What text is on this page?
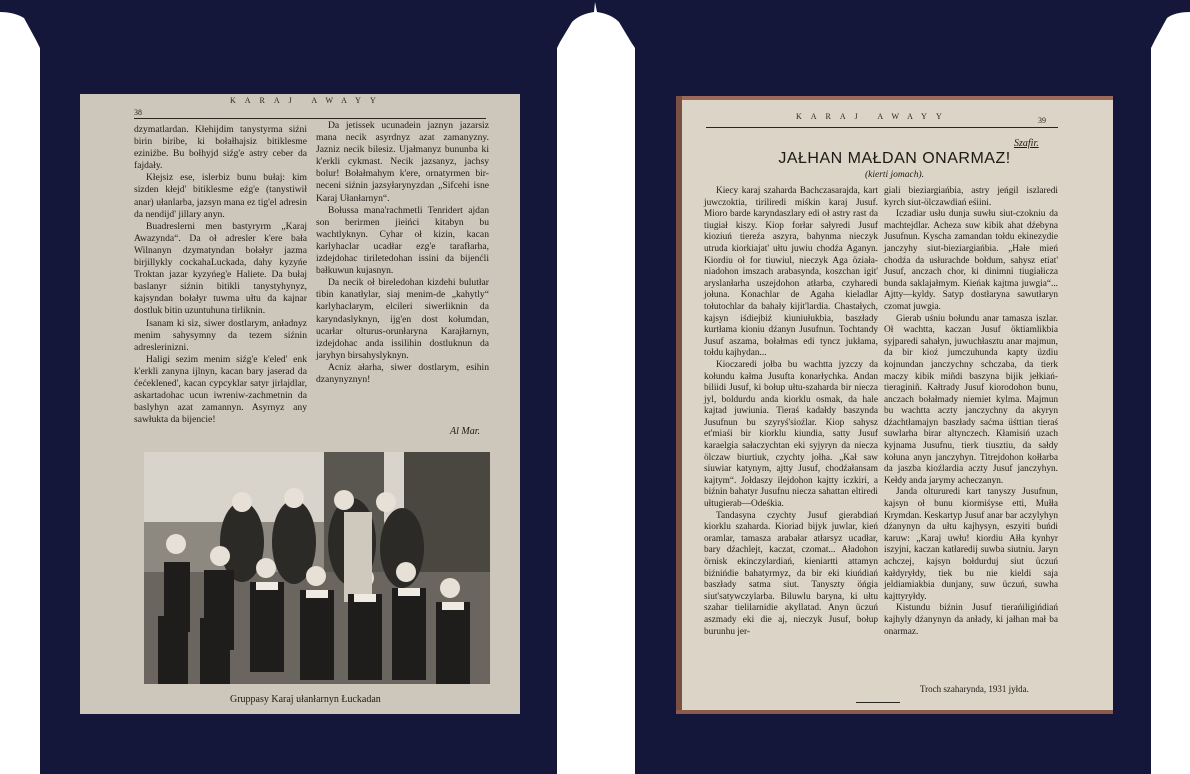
KARAJ AWAYY
38

dzymatlardan. Kłehijdim tanystyrma siźni birin biribe, ki bołałhajsiz bitiklesme eziniźbe. Bu bołhyjd siźg'e astry ceber da fajdały.

Kłejsiz ese, islerbiz bunu bułaj: kim sizden kłejd' bitiklesme eźg'e (tanystiwił anar) ułanlarba, jazsyn mana ez tig'el adresin da nendijd' jillary anyn.

Buadreslerni men bastyryrm „Karaj Awazynda“. Da oł adresler k'ere bała Wilnanyn dzymatyndan bołałyr jazma birjillykly cockahaLuckada, dahy kyzyńe Troktan jazar kyzyńeg'e Haliete. Da bułaj baslanyr siźnin bitikli tanystyhynyz, kajsyndan bołałyr tuwma ułtu da kajnar dostluk bitin uzuntuhuna tirliknin.

Isanam ki siz, siwer dostlarym, anładnyz menim sahysymny da tezem siźnin adreslerinizni.

Haligi sezim menim siźg'e k'eled' enk k'erkli zanyna ijlnyn, kacan bary jaserad da ćećeklened', kacan cypcyklar satyr jirlajdlar, askartadohac ucun iwreniw-zachmetnin da baslyhyn azat zamannyn. Asyrnyz any sawłukta da bijencie!

Da jetissek ucunadein jaznyn jazarsiz mana necik asyrdnyz azat zamanyzny. Jazniz necik bilesiz. Ujałmanyz bununba ki k'erkli cykmast. Necik jazsanyz, jachsy bolur! Bołałmahym k'ere, ornatyrmen bir-neceni siźnin jazsyłarynyzdan „Sifcehi isne Karaj Ułanłarnyn“.

Bołussa mana'rachmetli Tenridert ajdan son berirmen jieińci kitabyn bu wachtlyknyn. Cyhar oł kizin, kacan karlyhaclar ucadłar ezg'e tarafłarha, izdejdohac tiriletedohan issini da bijenćli bałkuwun kujasnyn.

Da necik oł bireledohan kizdehi bulutłar tibin kanatłylar, siaj menim-de „kahytly“ karlyhaclarym, elcileri siwerliknin da karyndaslyknyn, ijg'en dost kołumdan, ucarłar olturus-orunłaryna Karajłarnyn, izdejdohac anda issilihin dostluknun da jaryhyn birsahyslyknyn.

Acniz ałarha, siwer dostlarym, esihin dzanynyznyn!

Al Mar.
Gruppasy Karaj ułanłarnyn Łuckadan
KARAJ AWAYY	39
Szafir.
JAŁHAN MAŁDAN ONARMAZ!
(kierti jomach).

Kiecy karaj szaharda Bachczasarajda, kart juwczoktia, tiriliredi miśkin karaj Jusuf. Mioro barde karyndaszlary edi oł astry rast da tiugiał kiszy. Kiop forłar sałyredi Jusuf kioziuń tiereźa aszyra, bahynma nieczyk utruda kiorkiajat' ułtu juwiu chodźa Aganyn. Kiordiu oł for tiuwiul, nieczyk Aga öziała-niadohon imszach arabasynda, koszchan igit' aryslanłarha uszejdohon atłarba, czyharedi jołuna. Konachlar de Agaha kieladlar tołutochlar da bahały kijit'lardia. Chastałych, kajsyn iśdiejbiź kiuniułukbia, baszłady kurtłama kioniu dźanyn Jusufnun. Tochtandy Jusuf aszama, bołałmas edi tyncz jukłama, tołdu kajhydan...

Kioczaredi jołba bu wachtta jyzczy da kołundu kałma Jusufta konarłychka. Andan biliidi Jusuf, ki bołup ułtu-szaharda bir niecza jyl, boldurdu anda kiorklu osmak, da hale kajtad juwiunia. Tieraś kadałdy baszynda Jusufnun bu szyryś'sioźlar. Kiop sahysz et'miaśi bir kiorklu kiundia, satty Jusuf karaelgia sałaczychtan eki syjyryn da niecza ölczaw biurtiuk, czychty jołha. „Kał saw siuwiar katynym, ajtty Jusuf, chodźałansam kajtym“. Jołdaszy ilejdohon kajtty iczkiri, a biźnin bahatyr Jusufnu niecza sahattan eltiredi ułtugierab—Odeśkia.

Tandasyna czychty Jusuf gierabdiań kiorklu szaharda. Kioriad bijyk juwlar, kień oramlar, tamasza arabałar atłarsyz ucadłar, bary dźachlejt, kaczat, czomat... Aładohon örnisk ekinczylardiań, kieniartti attamyn biźnińdie bahatyrmyz, da bir eki kiuńdiań baszłady satma siut. Tanyszty öńgia siut'satywczylarba. Biluwlu baryna, ki ułtu szahar tielilarnidie akyllatad. Anyn üczuń aszmady eki die aj, nieczyk Jusuf, bołup burunhu jer-

giali bieziargiańbia, astry jeńgil iszlaredi kyrch siut-ölczawdiań eśiini.

Iczadiar usłu dunja suwłu siut-czokniu da machtejdlar. Acheza suw kibik ahat dźebyna Jusufnun. Kyscha zamandan tołdu ekinezydie janczyhy siut-bieziargiańbia. „Hałe mień chodźa da usłurachde bołdum, sahysz etiat' Jusuf, anczach chor, ki dinimni tiugiałicza bunda saklajałmym. Kieńak kajtma juwgia“... Ajtty—kyldy. Satyp dostłaryna sawutłaryn czomat juwgia.

Gierab uśniu bołundu anar tamasza iszlar. Oł wachtta, kaczan Jusuf öktiamlikbia syjparedi sahałyn, juwuchłasztu anar majmun, da bir kioź jumczuhunda kapty üzdiu kojnundan janczychny schczaba, da tierk maczy kibik miñdi baszyna bijik jełkiań-tieraginiñ. Kałtrady Jusuf kiorodohon bunu, anczach bołałmady niemiet kylma. Majmun bu wachtta aczty janczychny da akyryn dźachtłamajyn baszłady saćma üśttian tieraś suwlarha birar altynczech. Kłamisiń uzach kyjnama Jusufnu, tierk tiusztiu, da sałdy kołuna anyn janczyhyn. Titrejdohon kołłarba da jaszba kioźlardia aczty Jusuf janczyhyn. Kełdy anda jarymy acheczanyn.

Janda oltururedi kart tanyszy Jusufnun, kajsyn oł bunu kiormiśyse etti, Mułła Krymdan. Keskartyp Jusuf anar bar aczylyhyn dźanynyn da ułtu kajhysyn, eszyiti buńdi karuw: „Karaj uwłu! kiordiu Ałła kynhyr iszyjni, kaczan katłaredij suwba siutniu. Jaryn achczej, kajsyn bołdurduj siut üczuń kałdyryłdy, tiek bu nie kieldi saja jeldiamiakbia dunjany, suw üczuń, suwha kajttyryłdy.

Kistundu biźnin Jusuf tierańiligińdiań kajhyly dźanynyn da anłady, ki jałhan mał ba onarmaz.

Troch szaharynda, 1931 jyłda.
